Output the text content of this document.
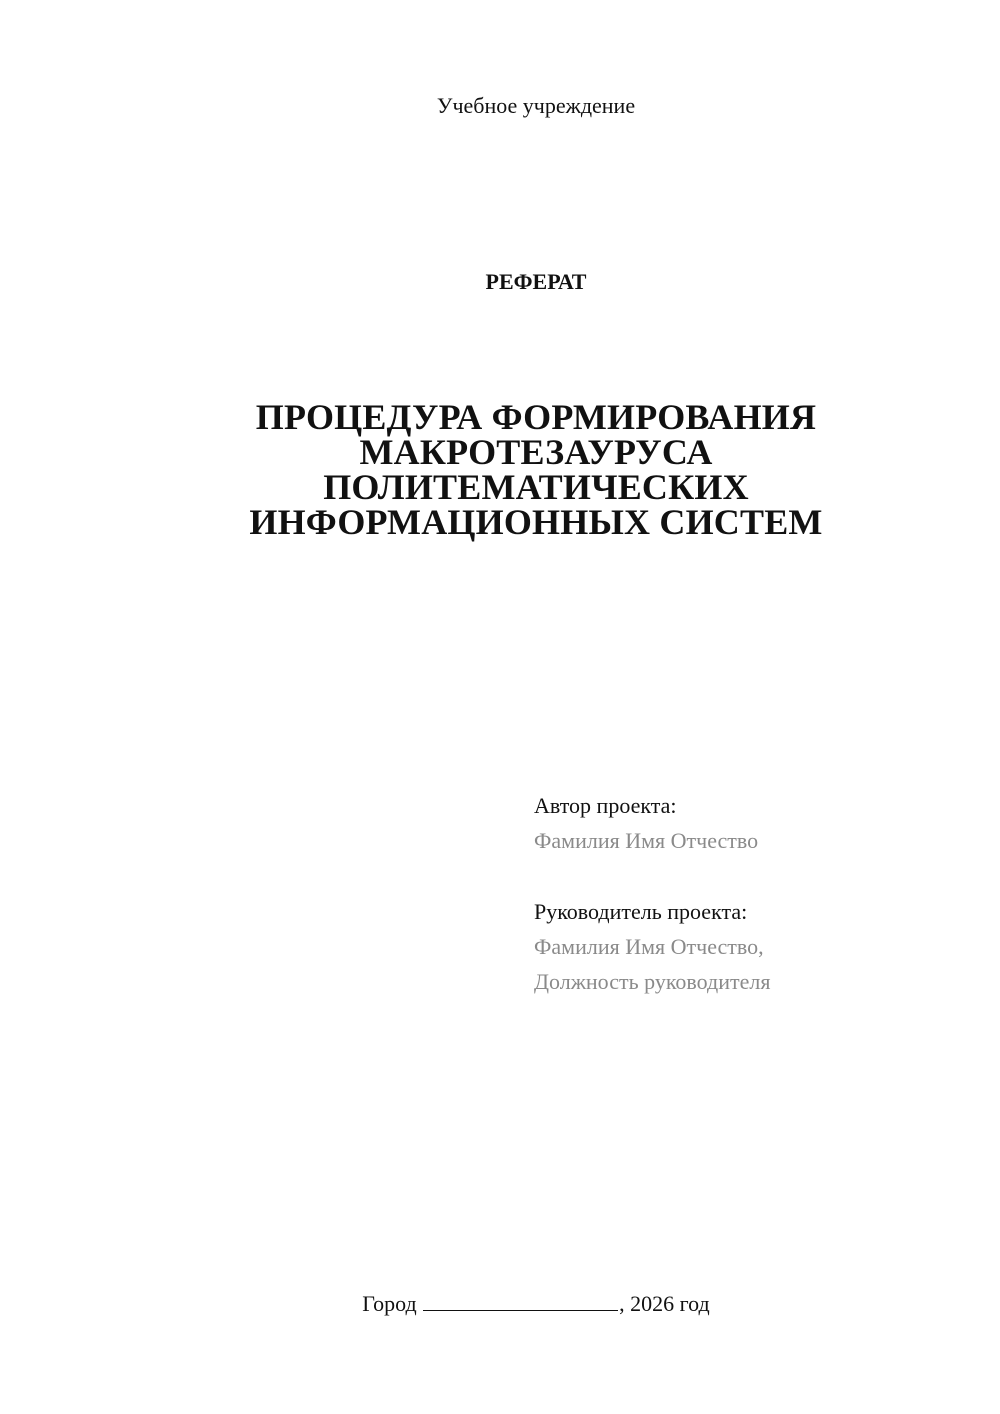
Учебное учреждение
РЕФЕРАТ
ПРОЦЕДУРА ФОРМИРОВАНИЯ
МАКРОТЕЗАУРУСА
ПОЛИТЕМАТИЧЕСКИХ
ИНФОРМАЦИОННЫХ СИСТЕМ
Автор проекта:
Фамилия Имя Отчество
Руководитель проекта:
Фамилия Имя Отчество,
Должность руководителя
Город	, 2026 год
